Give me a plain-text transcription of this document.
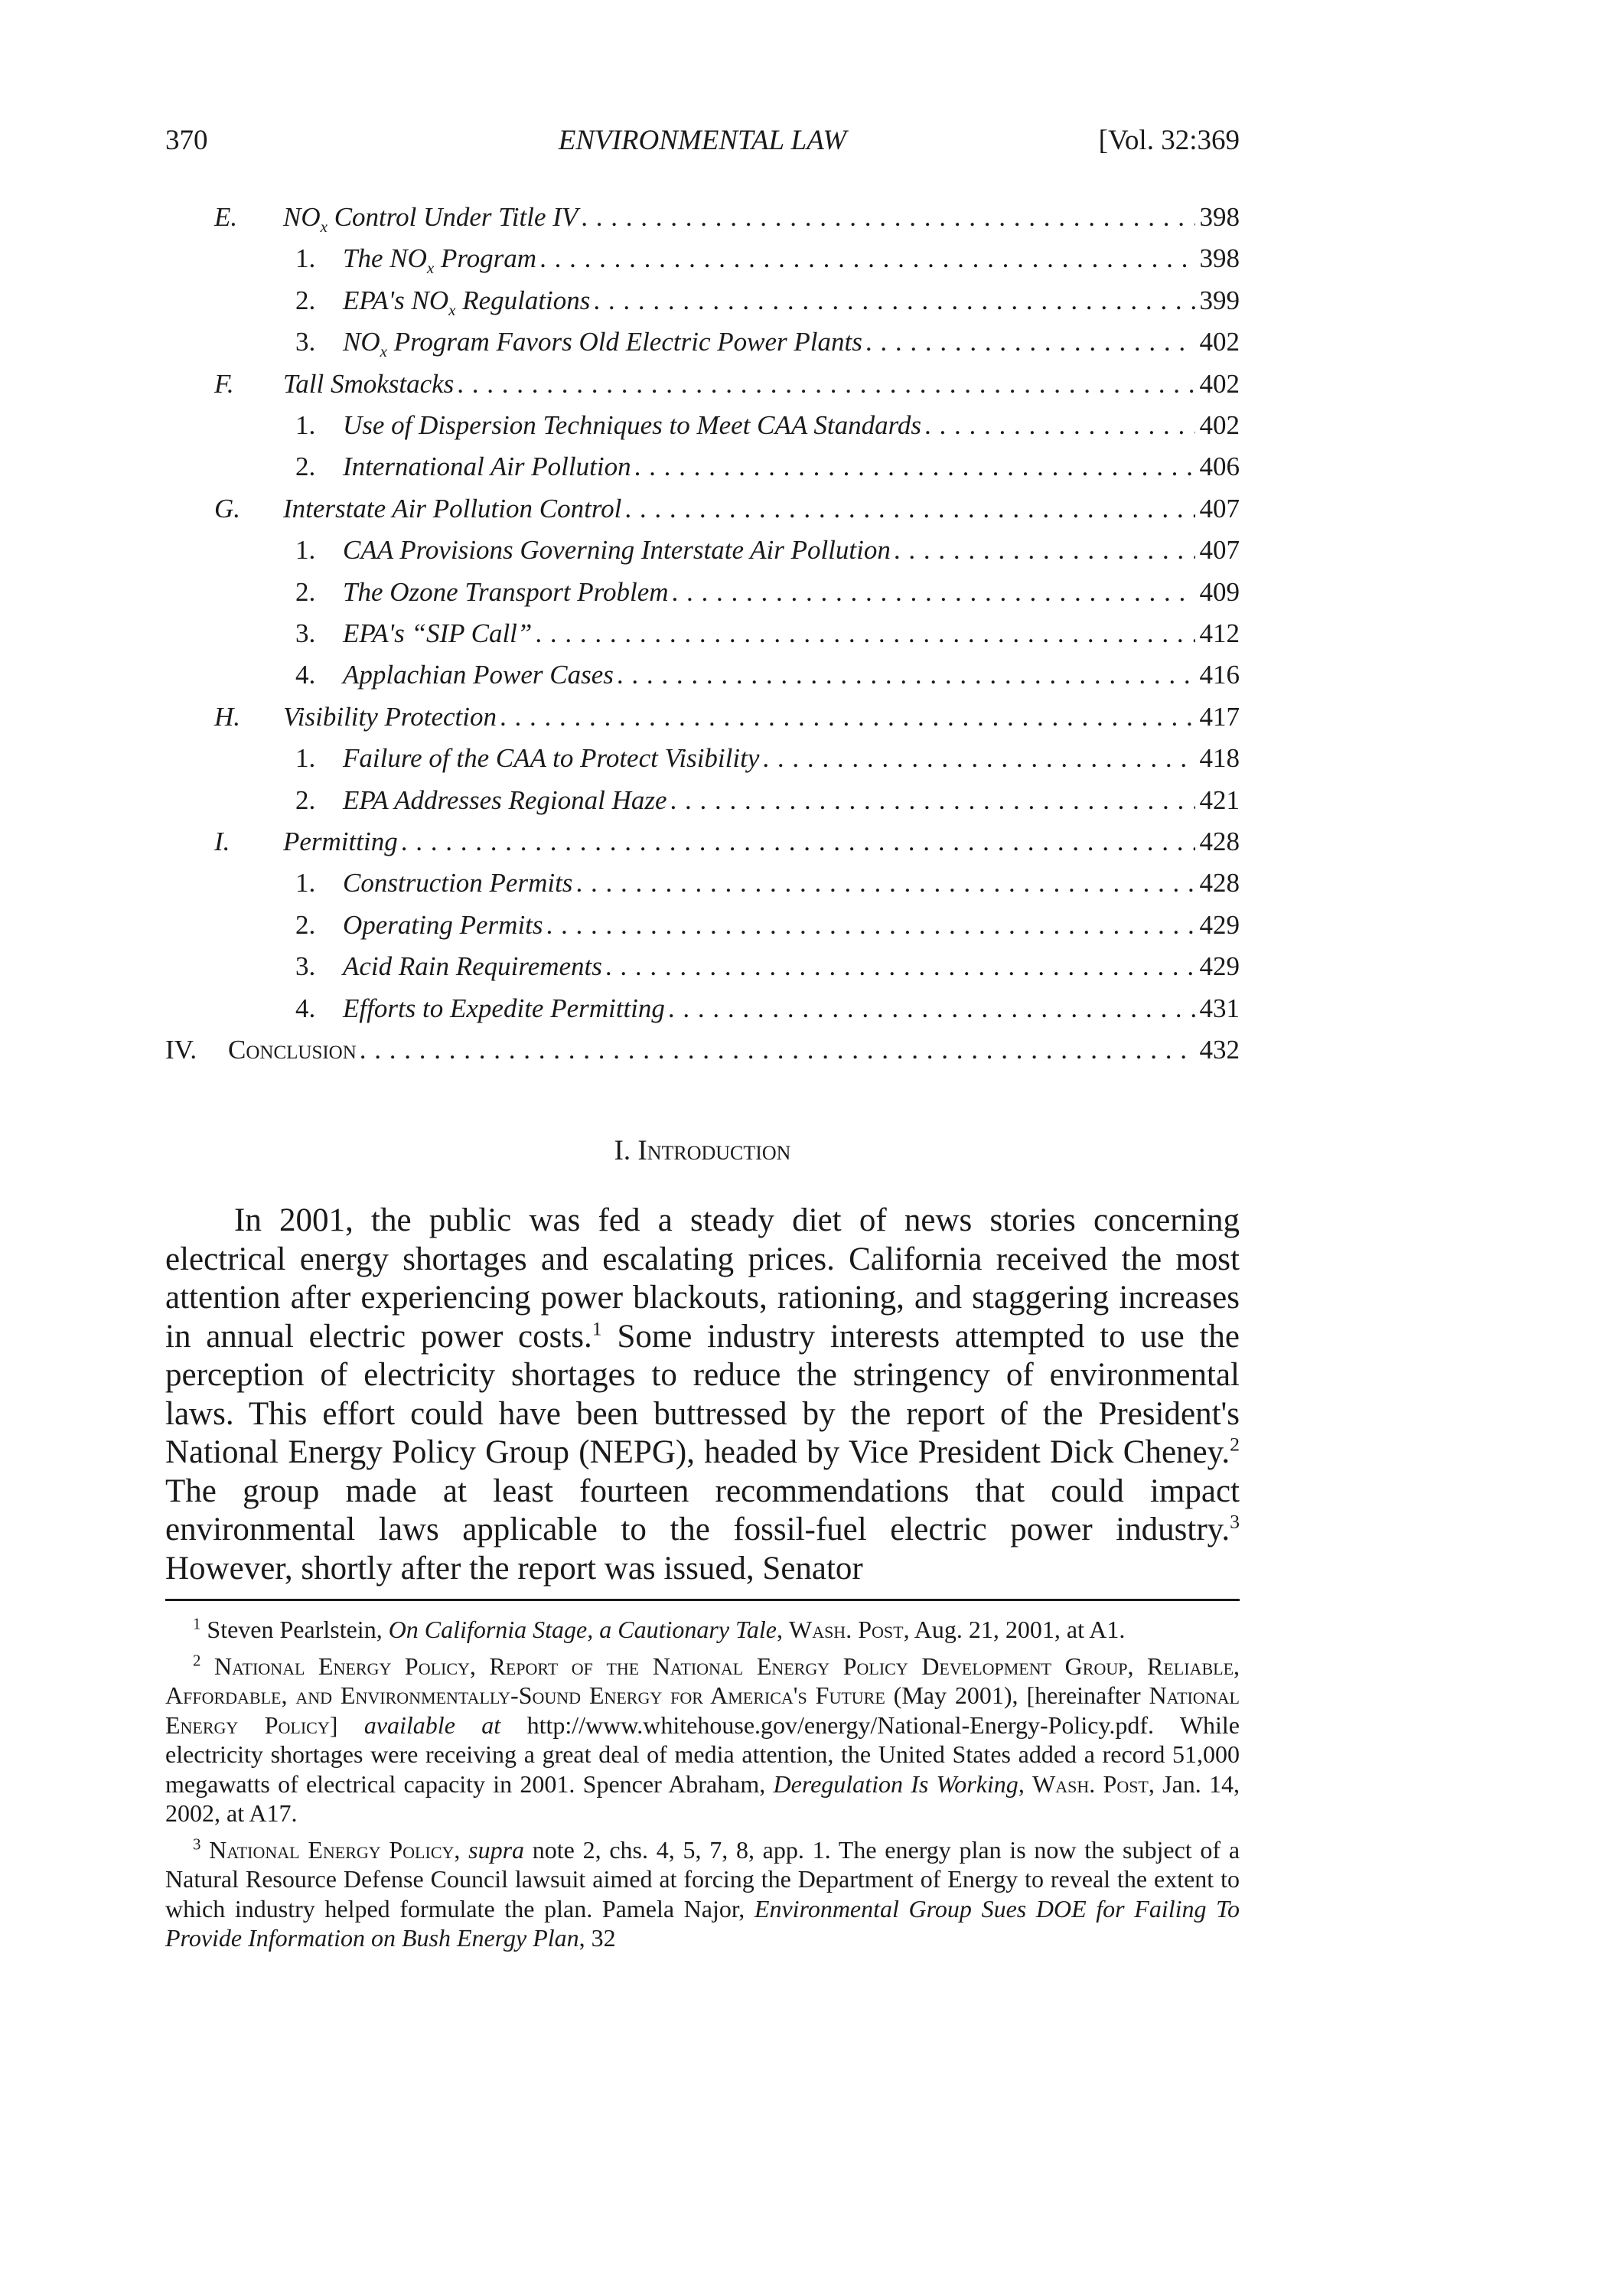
370	ENVIRONMENTAL LAW	[Vol. 32:369
E.	$NO_x$ Control Under Title IV . . .	398
1.	The $NO_x$ Program . . .	398
2.	EPA's $NO_x$ Regulations . . .	399
3.	$NO_x$ Program Favors Old Electric Power Plants . . .	402
F.	Tall Smokstacks . . .	402
1.	Use of Dispersion Techniques to Meet CAA Standards . . .	402
2.	International Air Pollution . . .	406
G.	Interstate Air Pollution Control . . .	407
1.	CAA Provisions Governing Interstate Air Pollution . . .	407
2.	The Ozone Transport Problem . . .	409
3.	EPA's “SIP Call” . . .	412
4.	Applachian Power Cases . . .	416
H.	Visibility Protection . . .	417
1.	Failure of the CAA to Protect Visibility . . .	418
2.	EPA Addresses Regional Haze . . .	421
I.	Permitting . . .	428
1.	Construction Permits . . .	428
2.	Operating Permits . . .	429
3.	Acid Rain Requirements . . .	429
4.	Efforts to Expedite Permitting . . .	431
IV.	Conclusion . . .	432
I. Introduction

In 2001, the public was fed a steady diet of news stories concerning electrical energy shortages and escalating prices. California received the most attention after experiencing power blackouts, rationing, and staggering increases in annual electric power costs.$^1$ Some industry interests attempted to use the perception of electricity shortages to reduce the stringency of environmental laws. This effort could have been buttressed by the report of the President's National Energy Policy Group (NEPG), headed by Vice President Dick Cheney.$^2$ The group made at least fourteen recommendations that could impact environmental laws applicable to the fossil-fuel electric power industry.$^3$ However, shortly after the report was issued, Senator

$^1$ Steven Pearlstein, On California Stage, a Cautionary Tale, Wash. Post, Aug. 21, 2001, at A1.

$^2$ National Energy Policy, Report of the National Energy Policy Development Group, Reliable, Affordable, and Environmentally-Sound Energy for America's Future (May 2001), [hereinafter National Energy Policy] available at http://www.whitehouse.gov/energy/National-Energy-Policy.pdf. While electricity shortages were receiving a great deal of media attention, the United States added a record 51,000 megawatts of electrical capacity in 2001. Spencer Abraham, Deregulation Is Working, Wash. Post, Jan. 14, 2002, at A17.

$^3$ National Energy Policy, supra note 2, chs. 4, 5, 7, 8, app. 1. The energy plan is now the subject of a Natural Resource Defense Council lawsuit aimed at forcing the Department of Energy to reveal the extent to which industry helped formulate the plan. Pamela Najor, Environmental Group Sues DOE for Failing To Provide Information on Bush Energy Plan, 32
